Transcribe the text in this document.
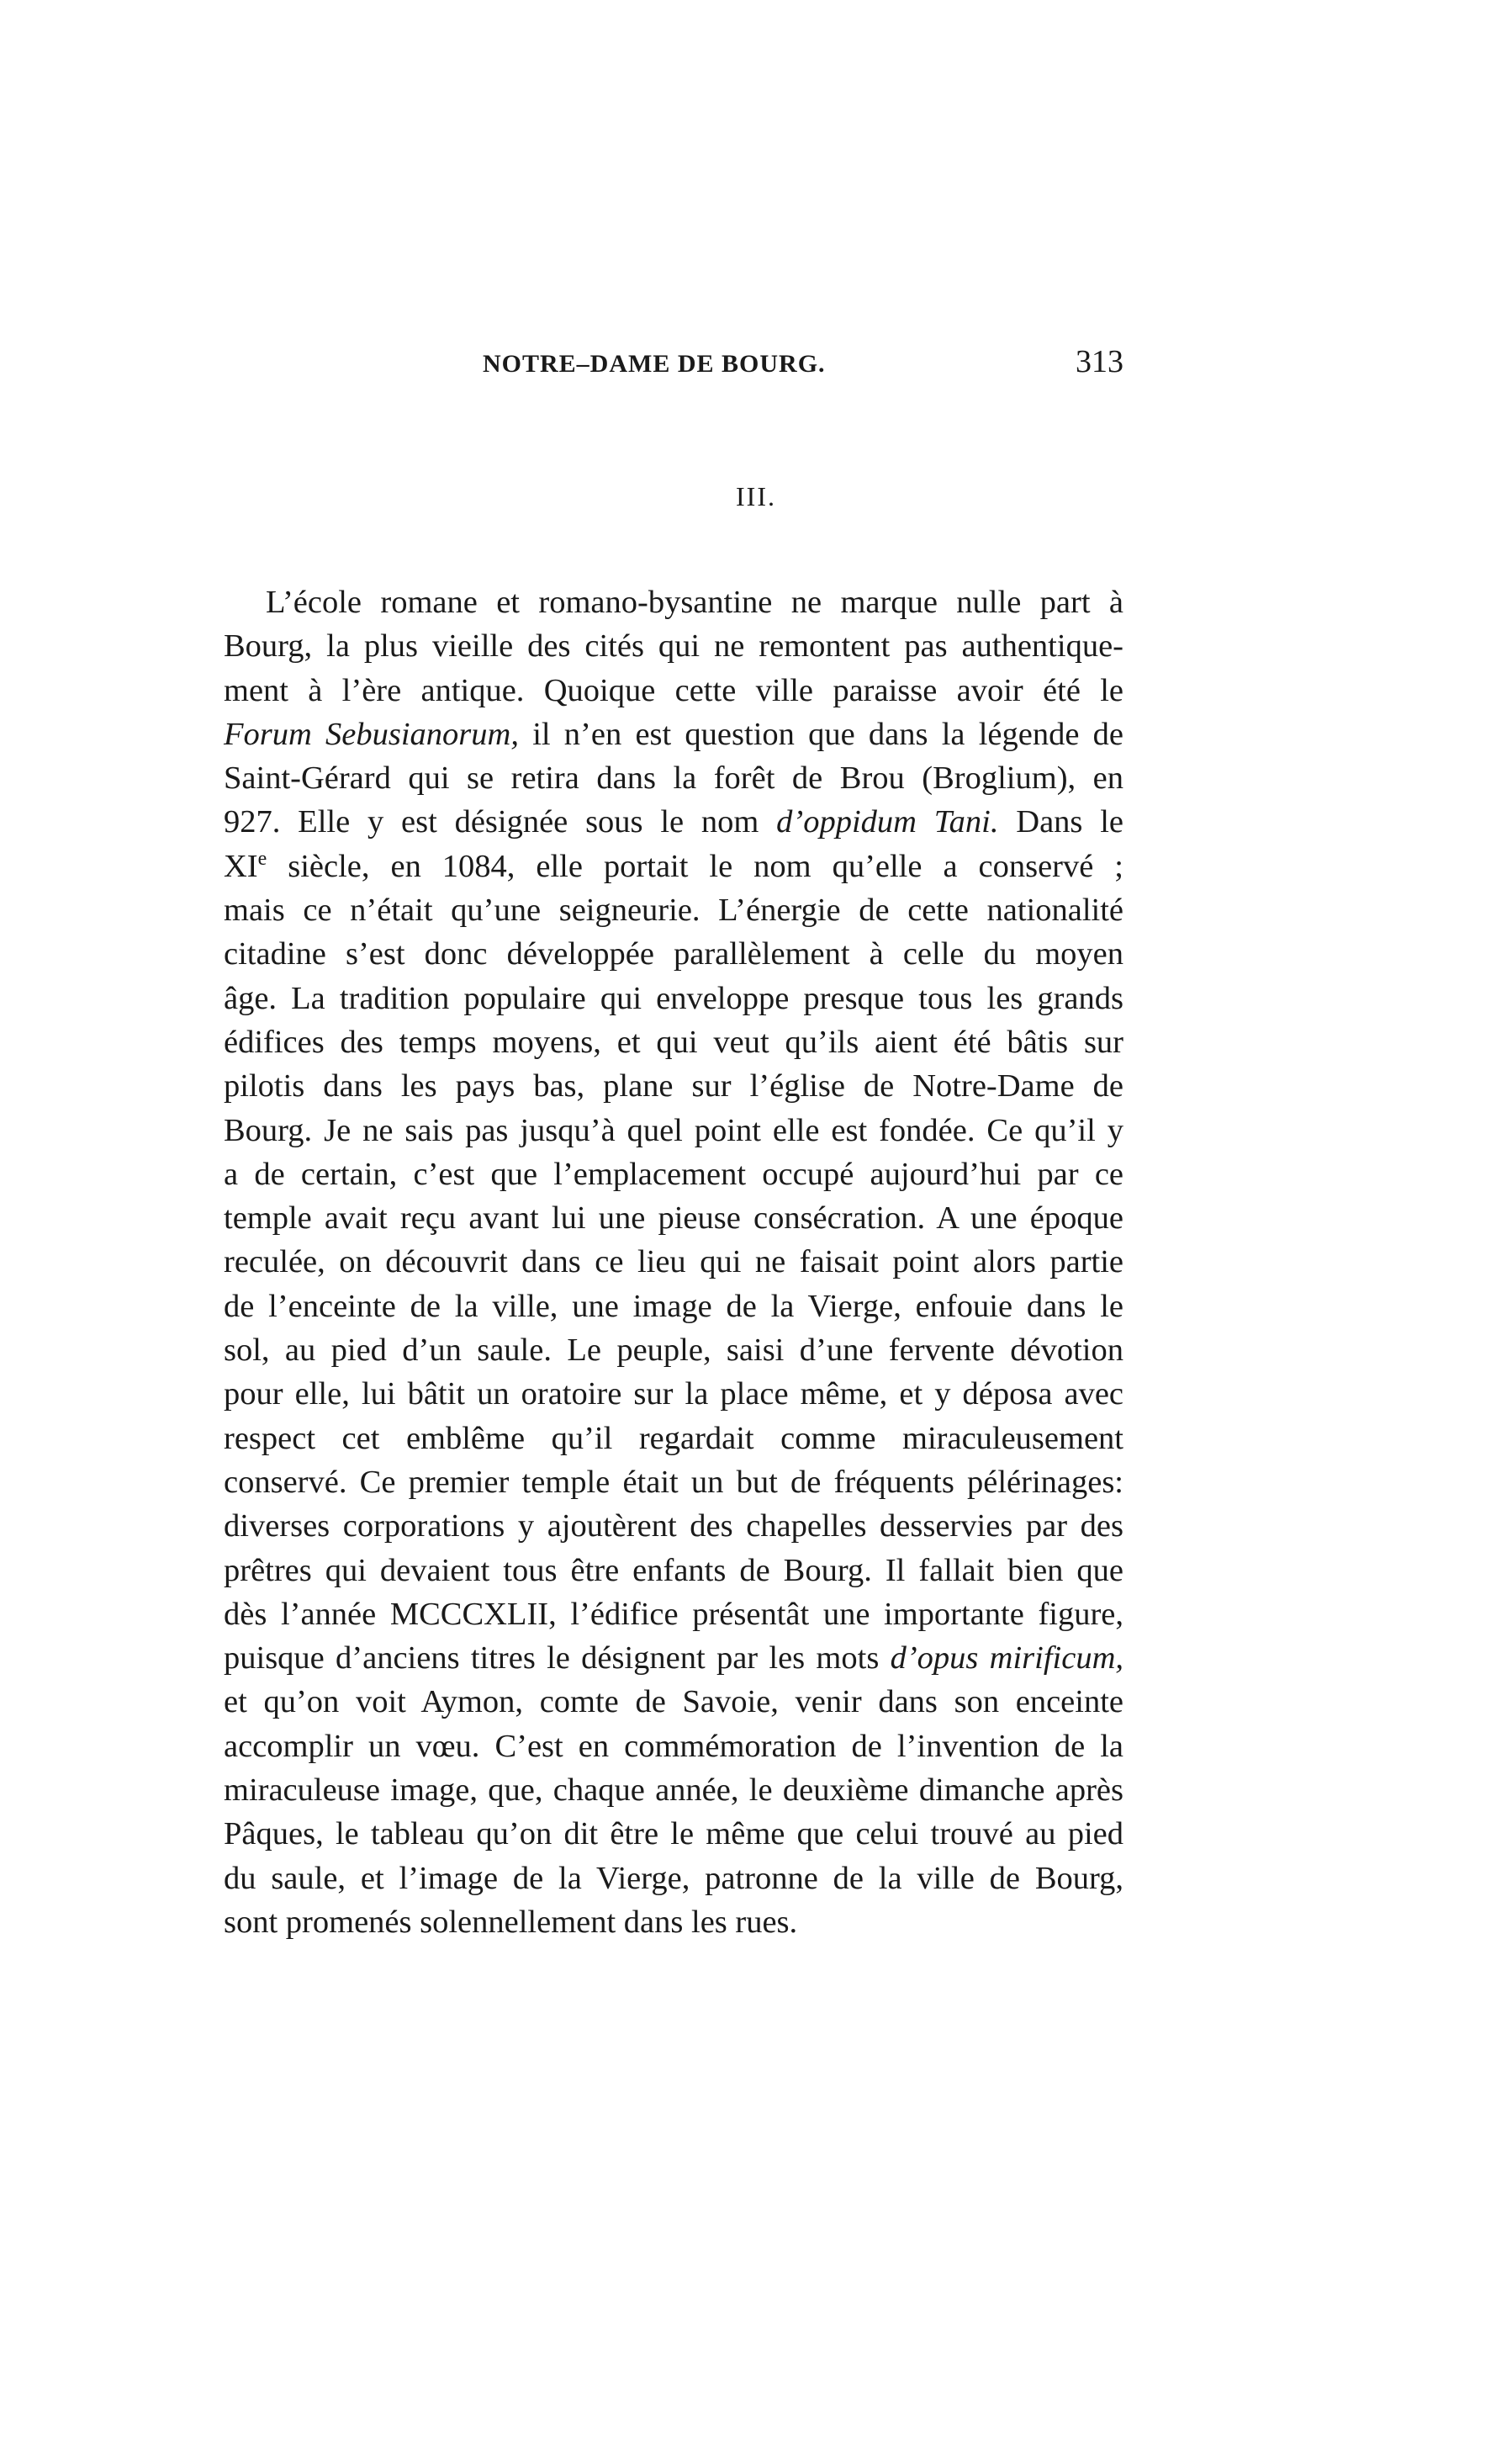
NOTRE–DAME DE BOURG.	313
III.

L’école romane et romano-bysantine ne marque nulle part à
Bourg, la plus vieille des cités qui ne remontent pas authentique-
ment à l’ère antique. Quoique cette ville paraisse avoir été le
Forum Sebusianorum, il n’en est question que dans la légende de
Saint-Gérard qui se retira dans la forêt de Brou (Broglium), en
927. Elle y est désignée sous le nom d’oppidum Tani. Dans le
XIe siècle, en 1084, elle portait le nom qu’elle a conservé ;
mais ce n’était qu’une seigneurie. L’énergie de cette nationalité
citadine s’est donc développée parallèlement à celle du moyen
âge. La tradition populaire qui enveloppe presque tous les grands
édifices des temps moyens, et qui veut qu’ils aient été bâtis sur
pilotis dans les pays bas, plane sur l’église de Notre-Dame de
Bourg. Je ne sais pas jusqu’à quel point elle est fondée. Ce qu’il y
a de certain, c’est que l’emplacement occupé aujourd’hui par ce
temple avait reçu avant lui une pieuse consécration. A une époque
reculée, on découvrit dans ce lieu qui ne faisait point alors partie
de l’enceinte de la ville, une image de la Vierge, enfouie dans le
sol, au pied d’un saule. Le peuple, saisi d’une fervente dévotion
pour elle, lui bâtit un oratoire sur la place même, et y déposa avec
respect cet emblême qu’il regardait comme miraculeusement
conservé. Ce premier temple était un but de fréquents pélérinages:
diverses corporations y ajoutèrent des chapelles desservies par des
prêtres qui devaient tous être enfants de Bourg. Il fallait bien que
dès l’année MCCCXLII, l’édifice présentât une importante figure,
puisque d’anciens titres le désignent par les mots d’opus mirificum,
et qu’on voit Aymon, comte de Savoie, venir dans son enceinte
accomplir un vœu. C’est en commémoration de l’invention de la
miraculeuse image, que, chaque année, le deuxième dimanche après
Pâques, le tableau qu’on dit être le même que celui trouvé au pied
du saule, et l’image de la Vierge, patronne de la ville de Bourg,
sont promenés solennellement dans les rues.
